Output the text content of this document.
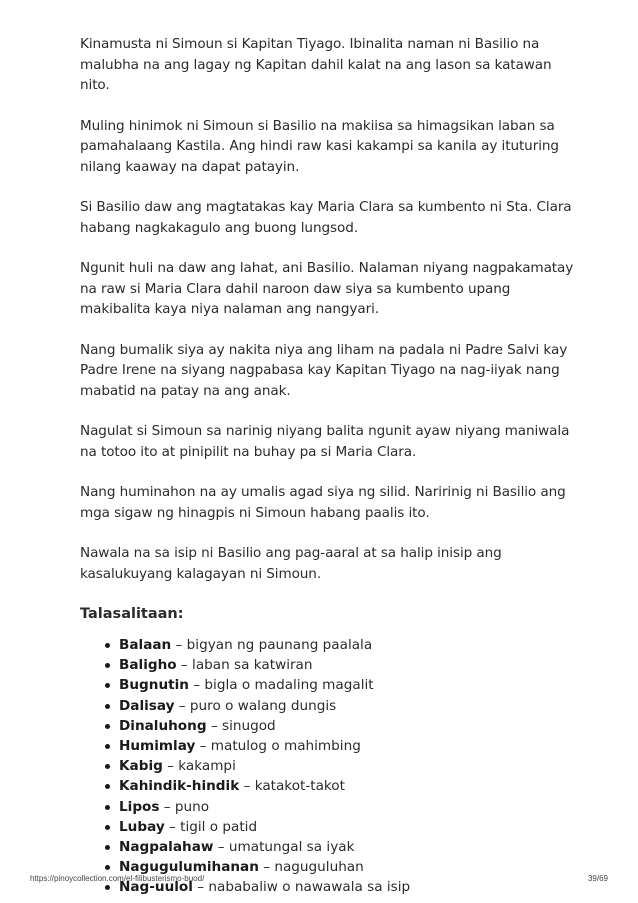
Kinamusta ni Simoun si Kapitan Tiyago. Ibinalita naman ni Basilio na malubha na ang lagay ng Kapitan dahil kalat na ang lason sa katawan nito.

Muling hinimok ni Simoun si Basilio na makiisa sa himagsikan laban sa pamahalaang Kastila. Ang hindi raw kasi kakampi sa kanila ay ituturing nilang kaaway na dapat patayin.

Si Basilio daw ang magtatakas kay Maria Clara sa kumbento ni Sta. Clara habang nagkakagulo ang buong lungsod.

Ngunit huli na daw ang lahat, ani Basilio. Nalaman niyang nagpakamatay na raw si Maria Clara dahil naroon daw siya sa kumbento upang makibalita kaya niya nalaman ang nangyari.

Nang bumalik siya ay nakita niya ang liham na padala ni Padre Salvi kay Padre Irene na siyang nagpabasa kay Kapitan Tiyago na nag-iiyak nang mabatid na patay na ang anak.

Nagulat si Simoun sa narinig niyang balita ngunit ayaw niyang maniwala na totoo ito at pinipilit na buhay pa si Maria Clara.

Nang huminahon na ay umalis agad siya ng silid. Naririnig ni Basilio ang mga sigaw ng hinagpis ni Simoun habang paalis ito.

Nawala na sa isip ni Basilio ang pag-aaral at sa halip inisip ang kasalukuyang kalagayan ni Simoun.

Talasalitaan:
Balaan – bigyan ng paunang paalala
Baligho – laban sa katwiran
Bugnutin – bigla o madaling magalit
Dalisay – puro o walang dungis
Dinaluhong – sinugod
Humimlay – matulog o mahimbing
Kabig – kakampi
Kahindik-hindik – katakot-takot
Lipos – puno
Lubay – tigil o patid
Nagpalahaw – umatungal sa iyak
Nagugulumihanan – naguguluhan
Nag-uulol – nababaliw o nawawala sa isip
https://pinoycollection.com/el-filibusterismo-buod/	39/69
